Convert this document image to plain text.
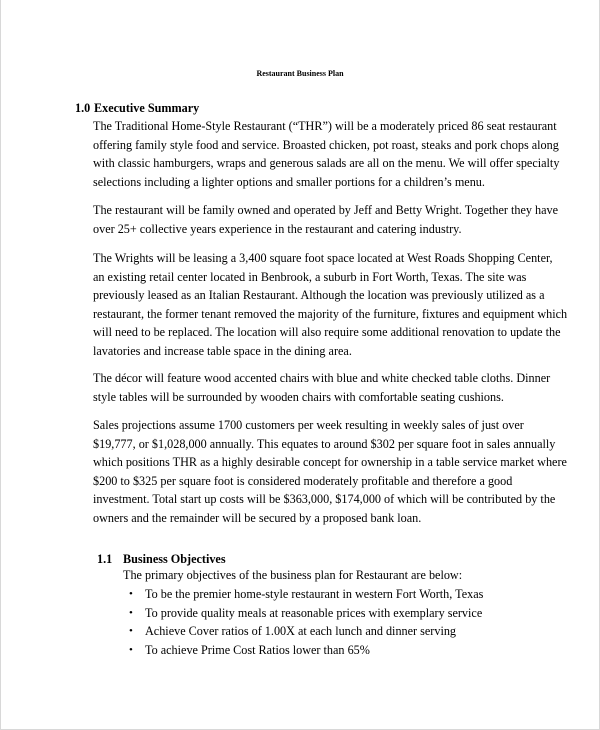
Restaurant Business Plan
1.0 Executive Summary
The Traditional Home-Style Restaurant (“THR”) will be a moderately priced 86 seat restaurant
offering family style food and service. Broasted chicken, pot roast, steaks and pork chops along
with classic hamburgers, wraps and generous salads are all on the menu. We will offer specialty
selections including a lighter options and smaller portions for a children’s menu.
The restaurant will be family owned and operated by Jeff and Betty Wright. Together they have
over 25+ collective years experience in the restaurant and catering industry.
The Wrights will be leasing a 3,400 square foot space located at West Roads Shopping Center,
an existing retail center located in Benbrook, a suburb in Fort Worth, Texas. The site was
previously leased as an Italian Restaurant. Although the location was previously utilized as a
restaurant, the former tenant removed the majority of the furniture, fixtures and equipment which
will need to be replaced. The location will also require some additional renovation to update the
lavatories and increase table space in the dining area.
The décor will feature wood accented chairs with blue and white checked table cloths. Dinner
style tables will be surrounded by wooden chairs with comfortable seating cushions.
Sales projections assume 1700 customers per week resulting in weekly sales of just over
$19,777, or $1,028,000 annually. This equates to around $302 per square foot in sales annually
which positions THR as a highly desirable concept for ownership in a table service market where
$200 to $325 per square foot is considered moderately profitable and therefore a good
investment. Total start up costs will be $363,000, $174,000 of which will be contributed by the
owners and the remainder will be secured by a proposed bank loan.
1.1 Business Objectives
The primary objectives of the business plan for Restaurant are below:
• To be the premier home-style restaurant in western Fort Worth, Texas
• To provide quality meals at reasonable prices with exemplary service
• Achieve Cover ratios of 1.00X at each lunch and dinner serving
• To achieve Prime Cost Ratios lower than 65%
